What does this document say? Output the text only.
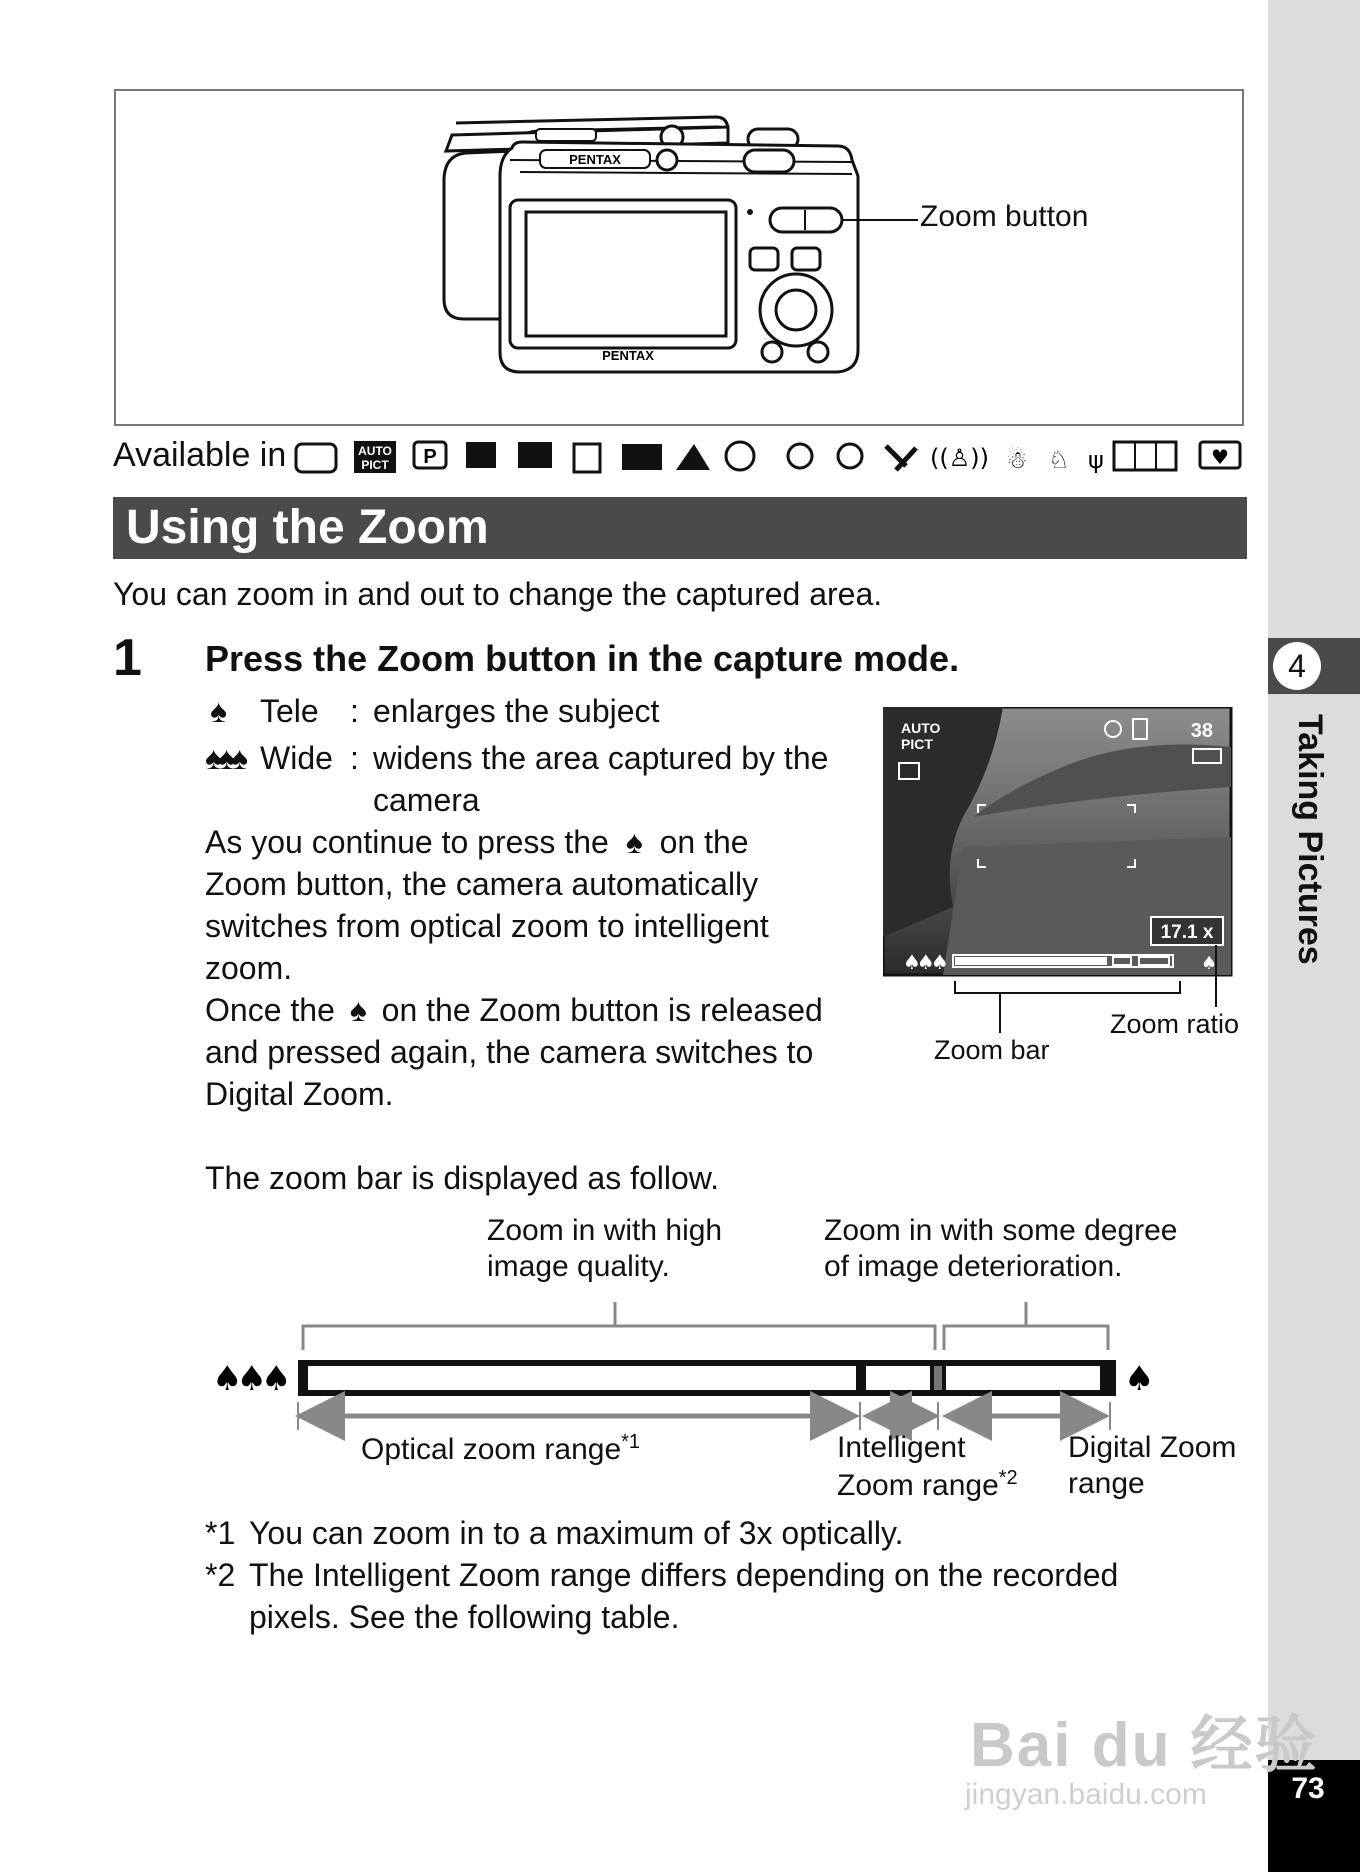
4
Taking Pictures
73
PENTAX
PENTAX
Zoom button
Available in	AUTO
PICT P	((♙)) ☃ ♘ ψ	♥
Using the Zoom
You can zoom in and out to change the captured area.
1 Press the Zoom button in the capture mode.
♠ Tele : enlarges the subject
♠♠♠ Wide : widens the area captured by the
camera
As you continue to press the ♠ on the
Zoom button, the camera automatically
switches from optical zoom to intelligent
zoom.
Once the ♠ on the Zoom button is released
and pressed again, the camera switches to
Digital Zoom.
AUTO
PICT
38
17.1 x
♠♠♠	♠
Zoom ratio
Zoom bar
The zoom bar is displayed as follow.
Zoom in with high
image quality.
Zoom in with some degree
of image deterioration.
♠♠♠	♠
Optical zoom range$^{*1}$	Intelligent
Zoom range$^{*2}$
Digital Zoom
range
*1 You can zoom in to a maximum of 3x optically.
*2 The Intelligent Zoom range differs depending on the recorded
pixels. See the following table.
Bai du 经验
jingyan.baidu.com
